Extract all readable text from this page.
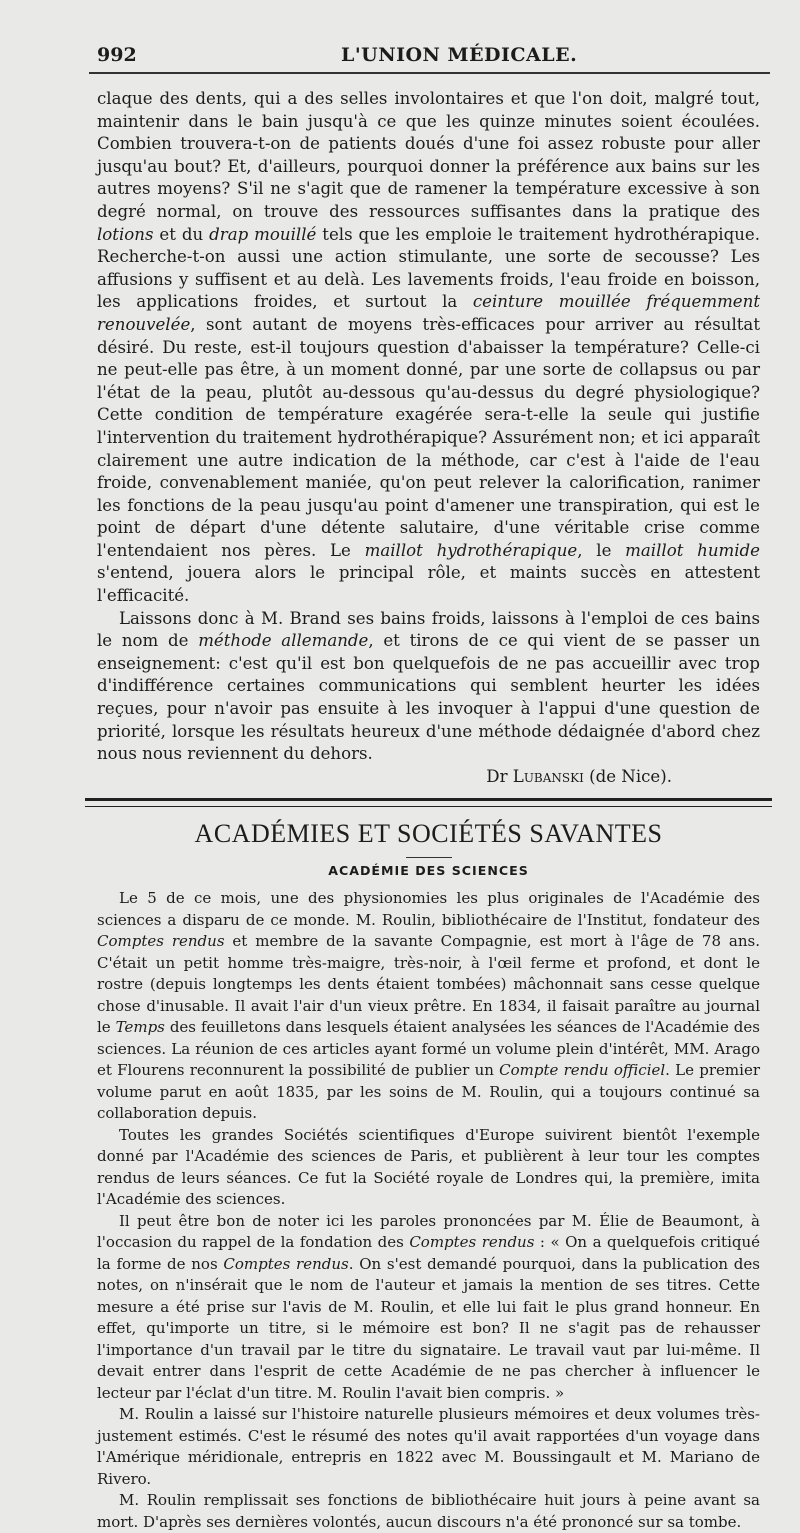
992	L'UNION MÉDICALE.

claque des dents, qui a des selles involontaires et que l'on doit, malgré tout, maintenir dans le bain jusqu'à ce que les quinze minutes soient écoulées. Combien trouvera-t-on de patients doués d'une foi assez robuste pour aller jusqu'au bout? Et, d'ailleurs, pourquoi donner la préférence aux bains sur les autres moyens? S'il ne s'agit que de ramener la température excessive à son degré normal, on trouve des ressources suffisantes dans la pratique des lotions et du drap mouillé tels que les emploie le traitement hydrothérapique. Recherche-t-on aussi une action stimulante, une sorte de secousse? Les affusions y suffisent et au delà. Les lavements froids, l'eau froide en boisson, les applications froides, et surtout la ceinture mouillée fréquemment renouvelée, sont autant de moyens très-efficaces pour arriver au résultat désiré. Du reste, est-il toujours question d'abaisser la température? Celle-ci ne peut-elle pas être, à un moment donné, par une sorte de collapsus ou par l'état de la peau, plutôt au-dessous qu'au-dessus du degré physiologique? Cette condition de température exagérée sera-t-elle la seule qui justifie l'intervention du traitement hydrothérapique? Assurément non; et ici apparaît clairement une autre indication de la méthode, car c'est à l'aide de l'eau froide, convenablement maniée, qu'on peut relever la calorification, ranimer les fonctions de la peau jusqu'au point d'amener une transpiration, qui est le point de départ d'une détente salutaire, d'une véritable crise comme l'entendaient nos pères. Le maillot hydrothérapique, le maillot humide s'entend, jouera alors le principal rôle, et maints succès en attestent l'efficacité.

Laissons donc à M. Brand ses bains froids, laissons à l'emploi de ces bains le nom de méthode allemande, et tirons de ce qui vient de se passer un enseignement: c'est qu'il est bon quelquefois de ne pas accueillir avec trop d'indifférence certaines communications qui semblent heurter les idées reçues, pour n'avoir pas ensuite à les invoquer à l'appui d'une question de priorité, lorsque les résultats heureux d'une méthode dédaignée d'abord chez nous nous reviennent du dehors.

Dr Lubanski (de Nice).

ACADÉMIES ET SOCIÉTÉS SAVANTES
ACADÉMIE DES SCIENCES

Le 5 de ce mois, une des physionomies les plus originales de l'Académie des sciences a disparu de ce monde. M. Roulin, bibliothécaire de l'Institut, fondateur des Comptes rendus et membre de la savante Compagnie, est mort à l'âge de 78 ans. C'était un petit homme très-maigre, très-noir, à l'œil ferme et profond, et dont le rostre (depuis longtemps les dents étaient tombées) mâchonnait sans cesse quelque chose d'inusable. Il avait l'air d'un vieux prêtre. En 1834, il faisait paraître au journal le Temps des feuilletons dans lesquels étaient analysées les séances de l'Académie des sciences. La réunion de ces articles ayant formé un volume plein d'intérêt, MM. Arago et Flourens reconnurent la possibilité de publier un Compte rendu officiel. Le premier volume parut en août 1835, par les soins de M. Roulin, qui a toujours continué sa collaboration depuis.

Toutes les grandes Sociétés scientifiques d'Europe suivirent bientôt l'exemple donné par l'Académie des sciences de Paris, et publièrent à leur tour les comptes rendus de leurs séances. Ce fut la Société royale de Londres qui, la première, imita l'Académie des sciences.

Il peut être bon de noter ici les paroles prononcées par M. Élie de Beaumont, à l'occasion du rappel de la fondation des Comptes rendus : « On a quelquefois critiqué la forme de nos Comptes rendus. On s'est demandé pourquoi, dans la publication des notes, on n'insérait que le nom de l'auteur et jamais la mention de ses titres. Cette mesure a été prise sur l'avis de M. Roulin, et elle lui fait le plus grand honneur. En effet, qu'importe un titre, si le mémoire est bon? Il ne s'agit pas de rehausser l'importance d'un travail par le titre du signataire. Le travail vaut par lui-même. Il devait entrer dans l'esprit de cette Académie de ne pas chercher à influencer le lecteur par l'éclat d'un titre. M. Roulin l'avait bien compris. »

M. Roulin a laissé sur l'histoire naturelle plusieurs mémoires et deux volumes très-justement estimés. C'est le résumé des notes qu'il avait rapportées d'un voyage dans l'Amérique méridionale, entrepris en 1822 avec M. Boussingault et M. Mariano de Rivero.

M. Roulin remplissait ses fonctions de bibliothécaire huit jours à peine avant sa mort. D'après ses dernières volontés, aucun discours n'a été prononcé sur sa tombe.
